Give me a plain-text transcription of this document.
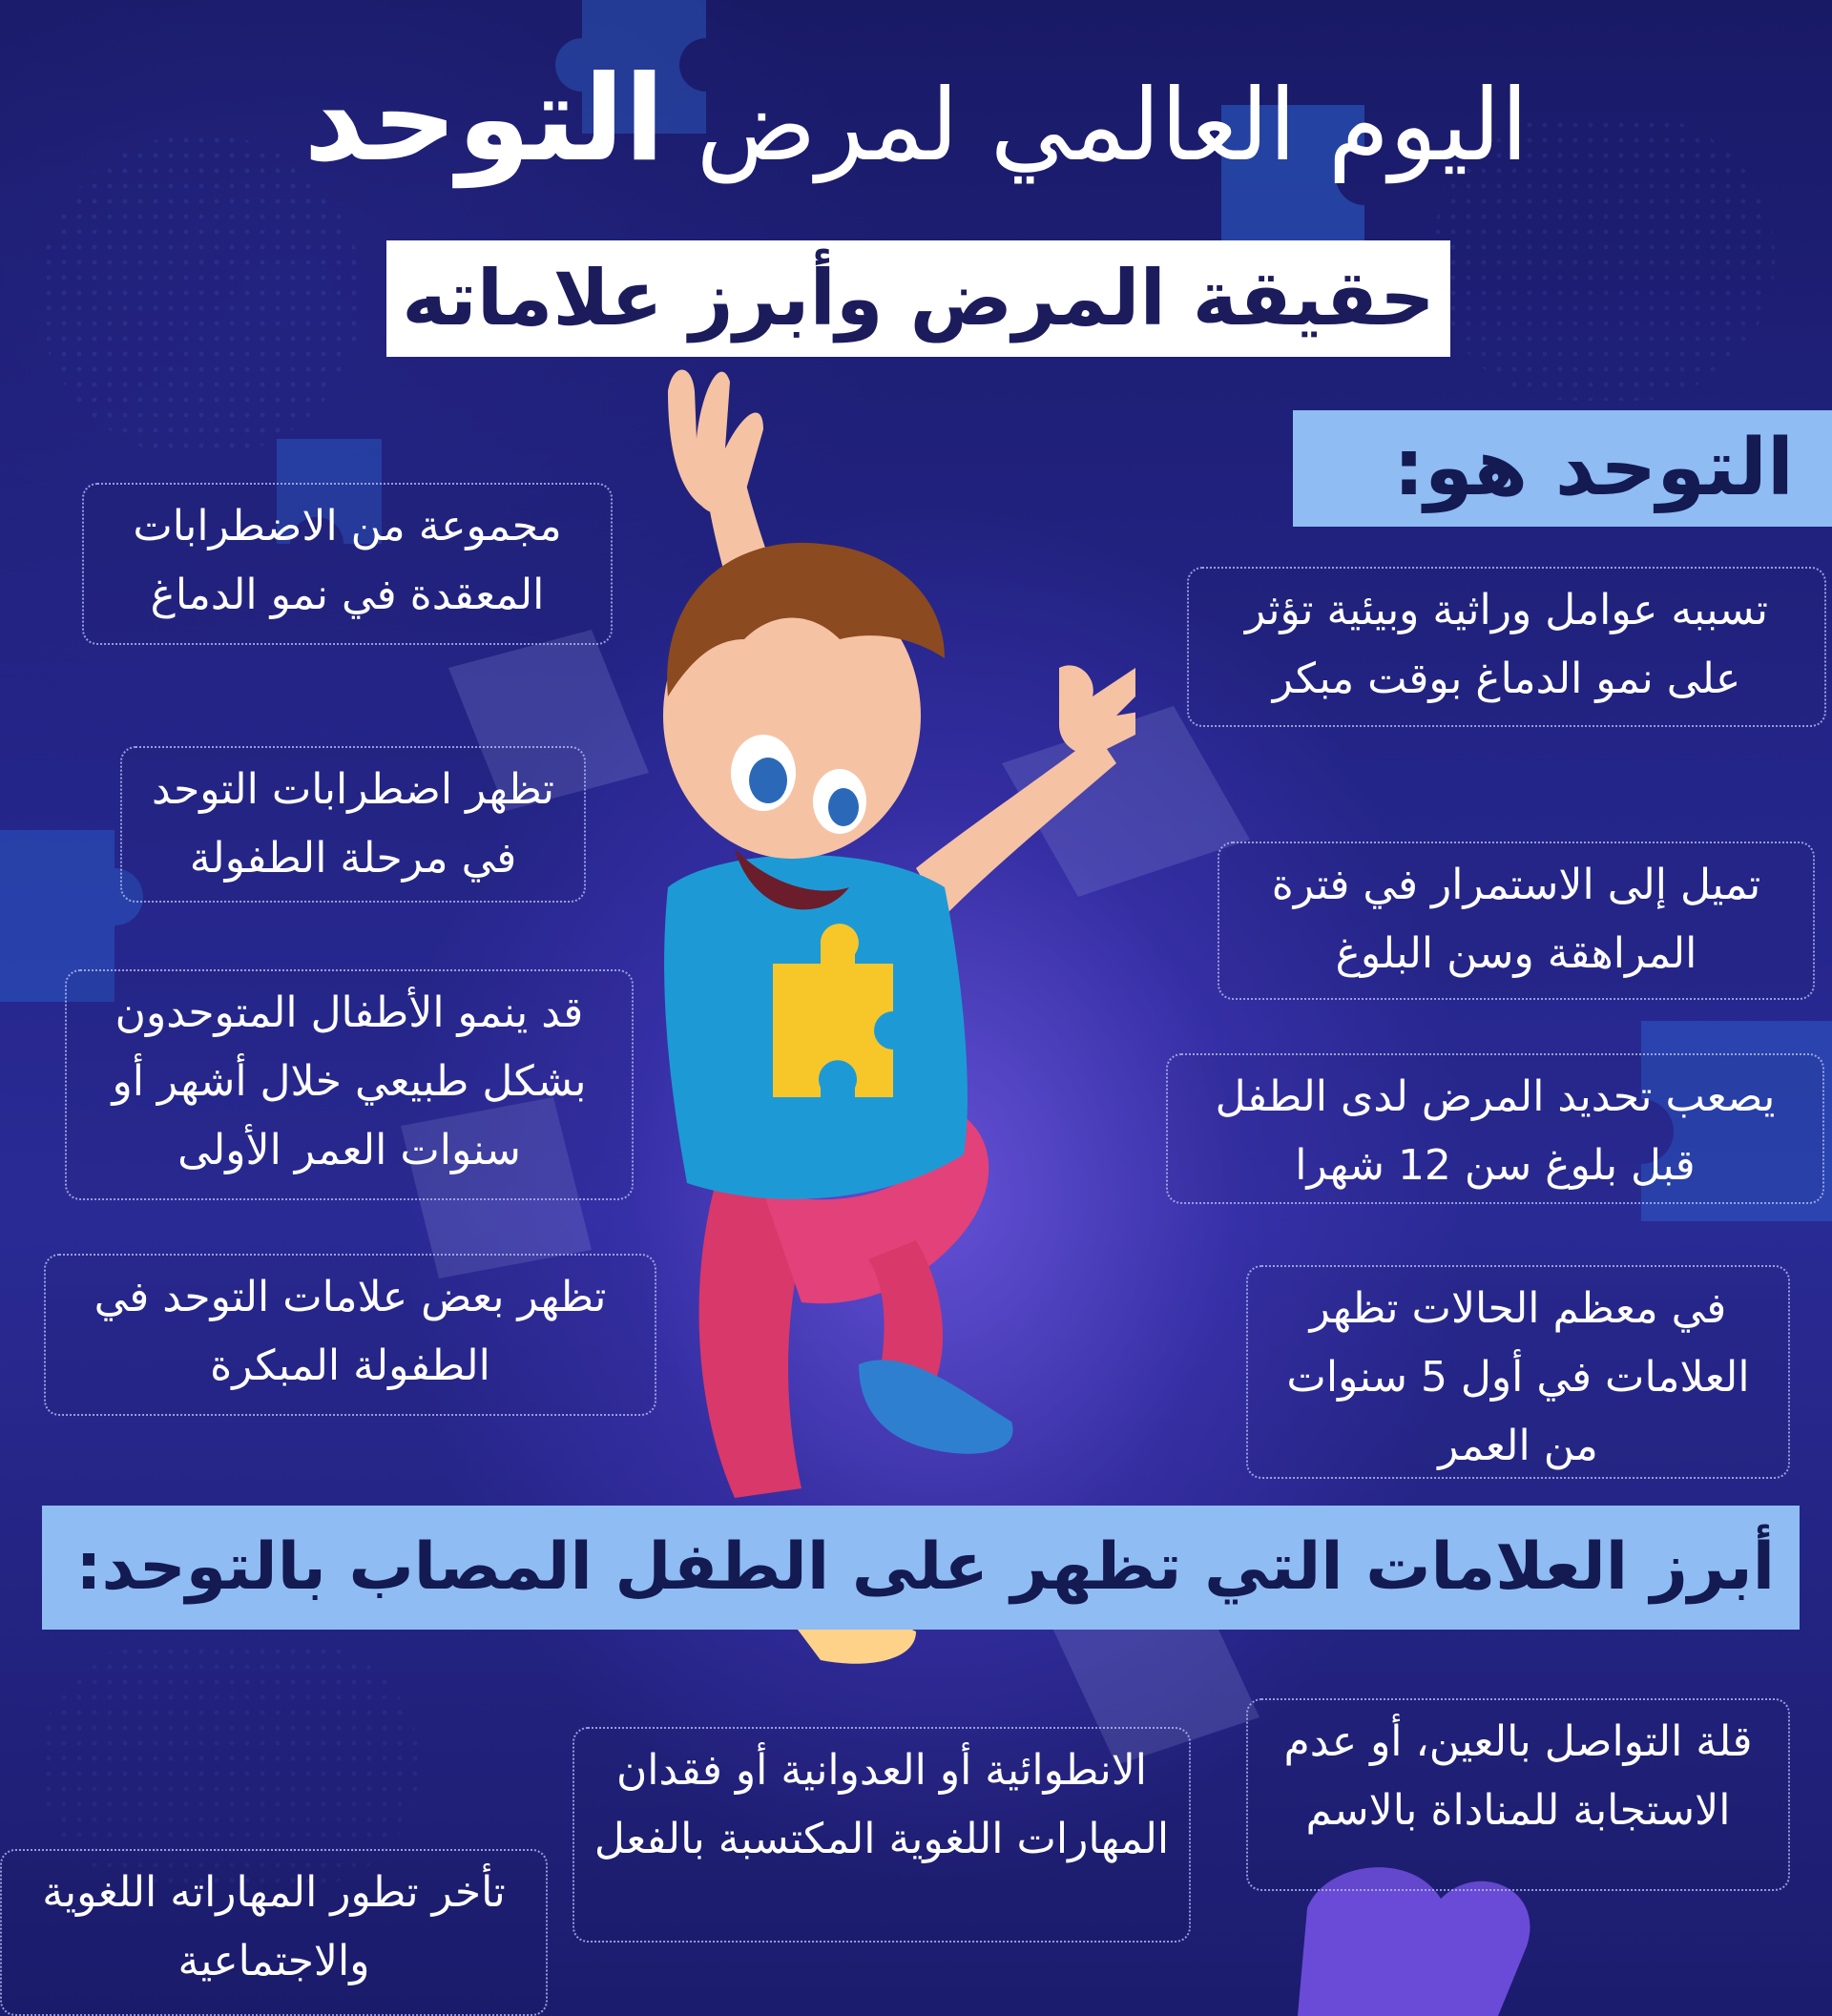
اليوم العالمي لمرض التوحد
حقيقة المرض وأبرز علاماته
التوحد هو:

مجموعة من الاضطرابات المعقدة في نمو الدماغ

تظهر اضطرابات التوحد في مرحلة الطفولة

قد ينمو الأطفال المتوحدون بشكل طبيعي خلال أشهر أو سنوات العمر الأولى

تظهر بعض علامات التوحد في الطفولة المبكرة

تسببه عوامل وراثية وبيئية تؤثر على نمو الدماغ بوقت مبكر

تميل إلى الاستمرار في فترة المراهقة وسن البلوغ

يصعب تحديد المرض لدى الطفل قبل بلوغ سن 12 شهرا

في معظم الحالات تظهر العلامات في أول 5 سنوات من العمر

أبرز العلامات التي تظهر على الطفل المصاب بالتوحد:

قلة التواصل بالعين، أو عدم الاستجابة للمناداة بالاسم

الانطوائية أو العدوانية أو فقدان المهارات اللغوية المكتسبة بالفعل

تأخر تطور المهاراته اللغوية والاجتماعية
